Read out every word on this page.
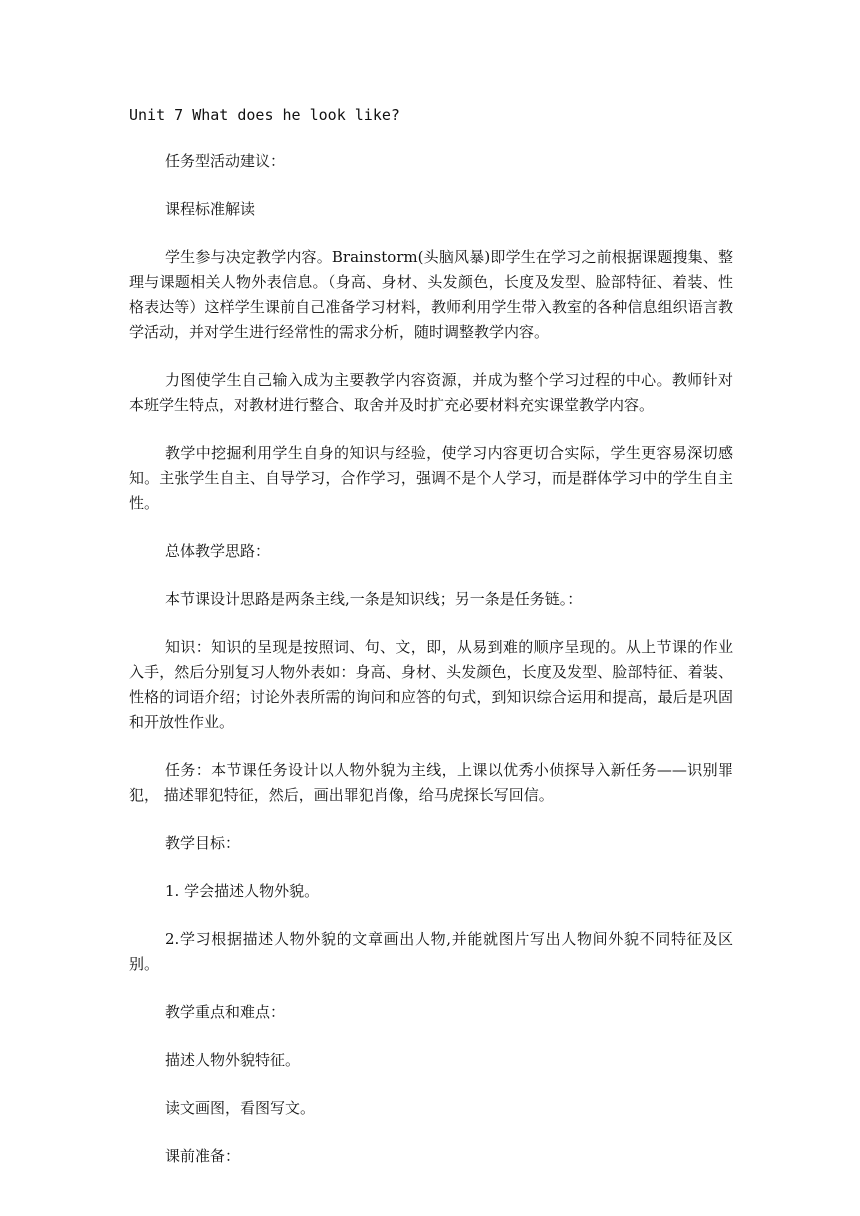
Unit 7 What does he look like?
任务型活动建议：
课程标准解读
学生参与决定教学内容。Brainstorm(头脑风暴)即学生在学习之前根据课题搜集、整理与课题相关人物外表信息。（身高、身材、头发颜色，长度及发型、脸部特征、着装、性格表达等）这样学生课前自己准备学习材料，教师利用学生带入教室的各种信息组织语言教学活动，并对学生进行经常性的需求分析，随时调整教学内容。
力图使学生自己输入成为主要教学内容资源，并成为整个学习过程的中心。教师针对本班学生特点，对教材进行整合、取舍并及时扩充必要材料充实课堂教学内容。
教学中挖掘利用学生自身的知识与经验，使学习内容更切合实际，学生更容易深切感知。主张学生自主、自导学习，合作学习，强调不是个人学习，而是群体学习中的学生自主性。
总体教学思路：
本节课设计思路是两条主线,一条是知识线；另一条是任务链。：
知识：知识的呈现是按照词、句、文，即，从易到难的顺序呈现的。从上节课的作业入手，然后分别复习人物外表如：身高、身材、头发颜色，长度及发型、脸部特征、着装、性格的词语介绍；讨论外表所需的询问和应答的句式，到知识综合运用和提高，最后是巩固和开放性作业。
任务：本节课任务设计以人物外貌为主线，上课以优秀小侦探导入新任务——识别罪犯， 描述罪犯特征，然后，画出罪犯肖像，给马虎探长写回信。
教学目标：
1. 学会描述人物外貌。
2.学习根据描述人物外貌的文章画出人物,并能就图片写出人物间外貌不同特征及区别。
教学重点和难点：
描述人物外貌特征。
读文画图，看图写文。
课前准备：
